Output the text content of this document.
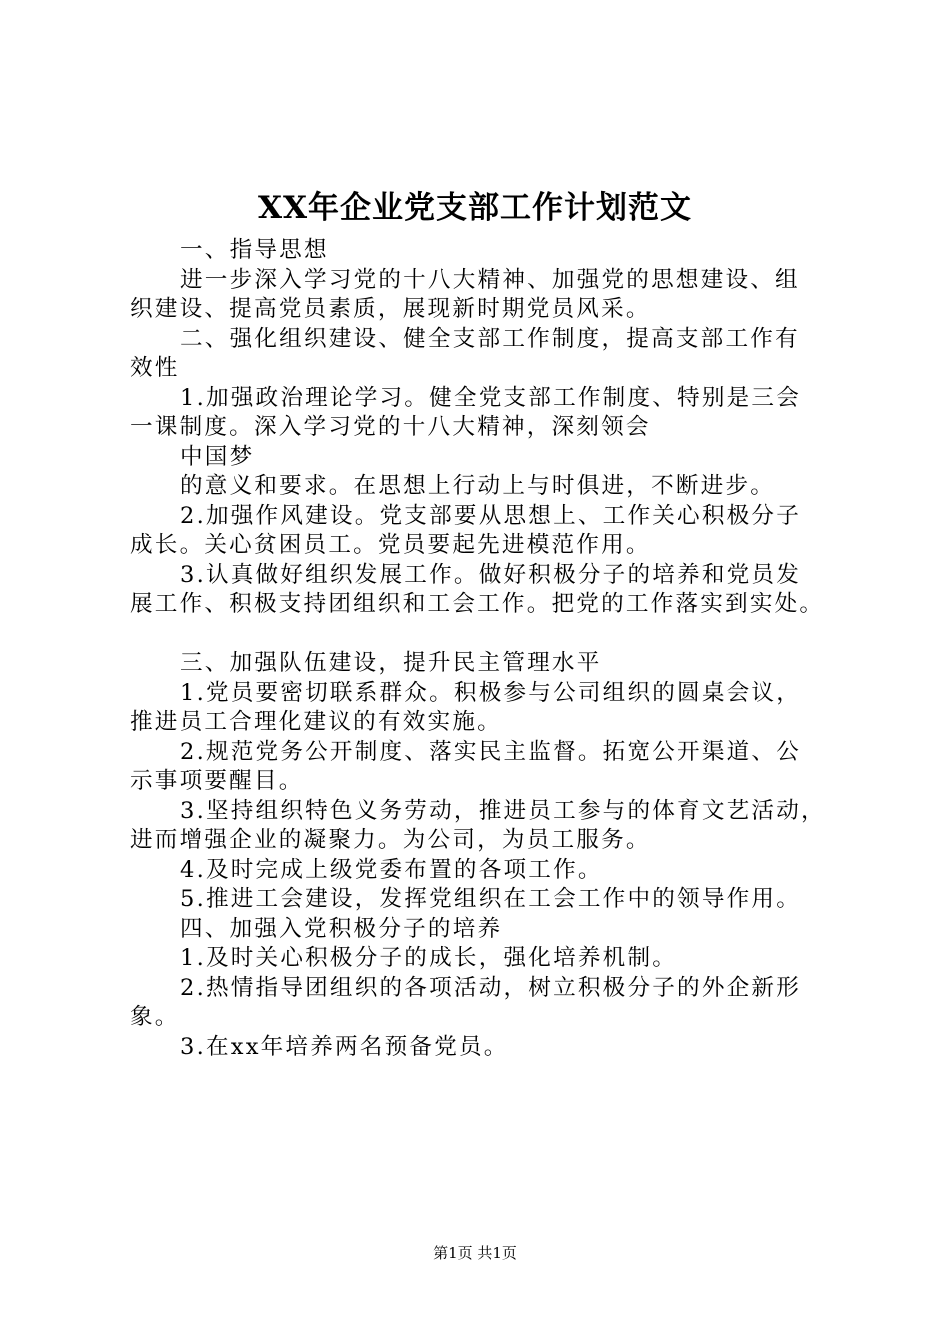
XX年企业党支部工作计划范文

一、指导思想

进一步深入学习党的十八大精神、加强党的思想建设、组

织建设、提高党员素质，展现新时期党员风采。

二、强化组织建设、健全支部工作制度，提高支部工作有

效性

1.加强政治理论学习。健全党支部工作制度、特别是三会

一课制度。深入学习党的十八大精神，深刻领会

中国梦

的意义和要求。在思想上行动上与时俱进，不断进步。

2.加强作风建设。党支部要从思想上、工作关心积极分子

成长。关心贫困员工。党员要起先进模范作用。

3.认真做好组织发展工作。做好积极分子的培养和党员发

展工作、积极支持团组织和工会工作。把党的工作落实到实处。

三、加强队伍建设，提升民主管理水平

1.党员要密切联系群众。积极参与公司组织的圆桌会议，

推进员工合理化建议的有效实施。

2.规范党务公开制度、落实民主监督。拓宽公开渠道、公

示事项要醒目。

3.坚持组织特色义务劳动，推进员工参与的体育文艺活动，

进而增强企业的凝聚力。为公司，为员工服务。

4.及时完成上级党委布置的各项工作。

5.推进工会建设，发挥党组织在工会工作中的领导作用。

四、加强入党积极分子的培养

1.及时关心积极分子的成长，强化培养机制。

2.热情指导团组织的各项活动，树立积极分子的外企新形

象。

3.在xx年培养两名预备党员。

第1页 共1页
